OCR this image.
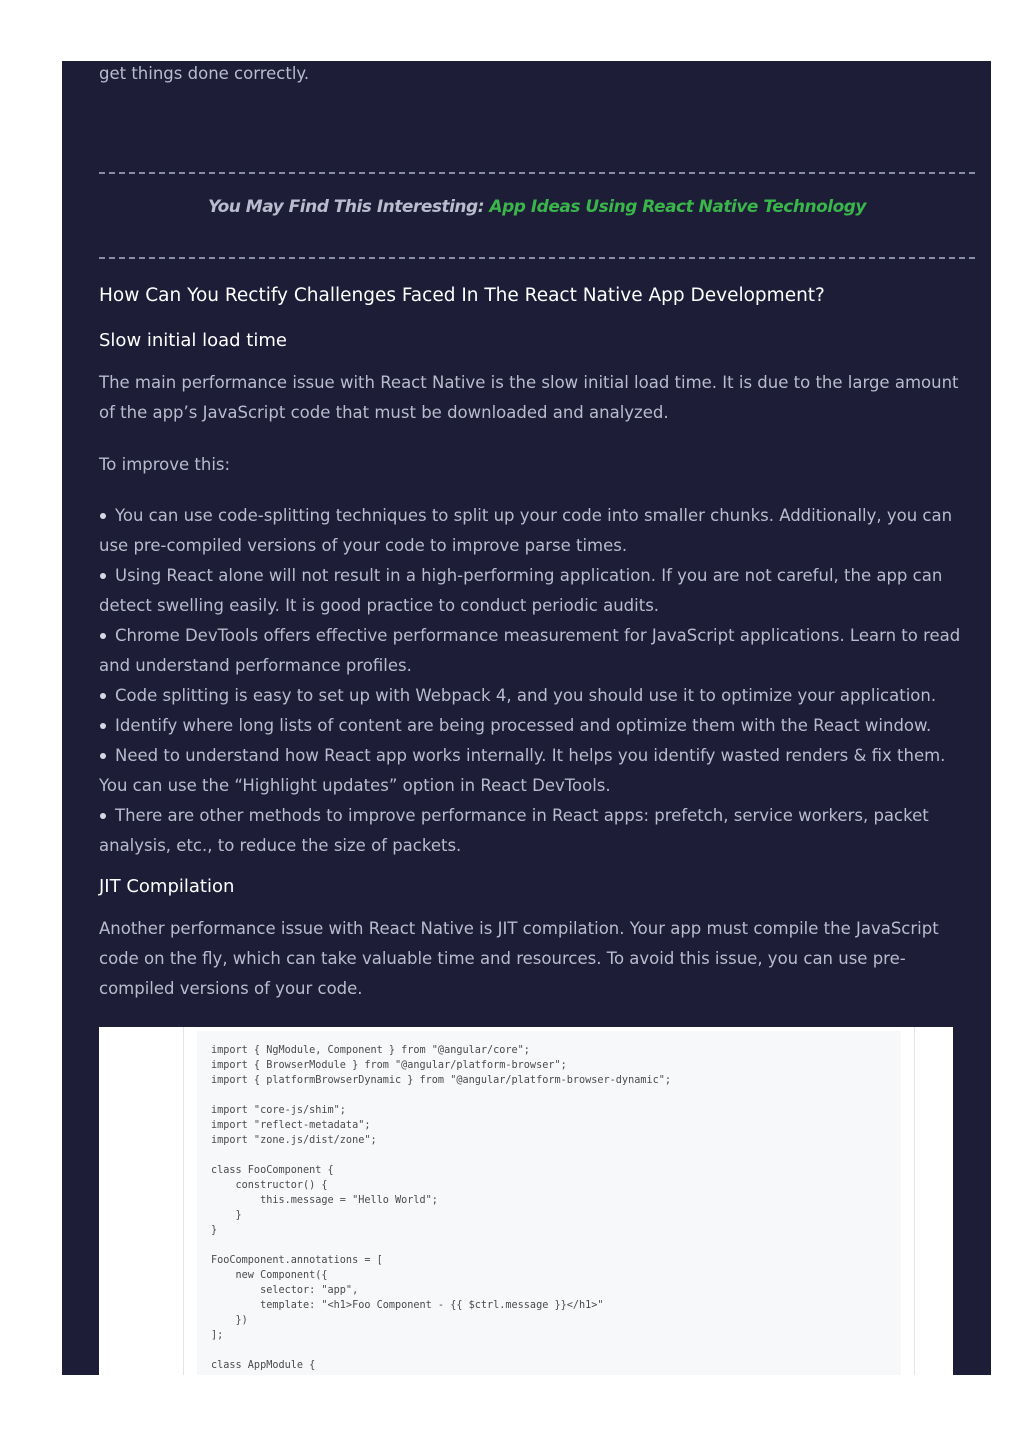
get things done correctly.

You May Find This Interesting: App Ideas Using React Native Technology
How Can You Rectify Challenges Faced In The React Native App Development?
Slow initial load time

The main performance issue with React Native is the slow initial load time. It is due to the large amount of the app’s JavaScript code that must be downloaded and analyzed.

To improve this:

You can use code-splitting techniques to split up your code into smaller chunks. Additionally, you can use pre-compiled versions of your code to improve parse times.
Using React alone will not result in a high-performing application. If you are not careful, the app can detect swelling easily. It is good practice to conduct periodic audits.
Chrome DevTools offers effective performance measurement for JavaScript applications. Learn to read and understand performance profiles.
Code splitting is easy to set up with Webpack 4, and you should use it to optimize your application.
Identify where long lists of content are being processed and optimize them with the React window.
Need to understand how React app works internally. It helps you identify wasted renders & fix them. You can use the “Highlight updates” option in React DevTools.
There are other methods to improve performance in React apps: prefetch, service workers, packet analysis, etc., to reduce the size of packets.
JIT Compilation

Another performance issue with React Native is JIT compilation. Your app must compile the JavaScript code on the fly, which can take valuable time and resources. To avoid this issue, you can use pre-compiled versions of your code.

import { NgModule, Component } from "@angular/core";
import { BrowserModule } from "@angular/platform-browser";
import { platformBrowserDynamic } from "@angular/platform-browser-dynamic";

import "core-js/shim";
import "reflect-metadata";
import "zone.js/dist/zone";

class FooComponent {
constructor() {
this.message = "Hello World";
}
}

FooComponent.annotations = [
new Component({
selector: "app",
template: "<h1>Foo Component - {{ $ctrl.message }}</h1>"
})
];

class AppModule {
